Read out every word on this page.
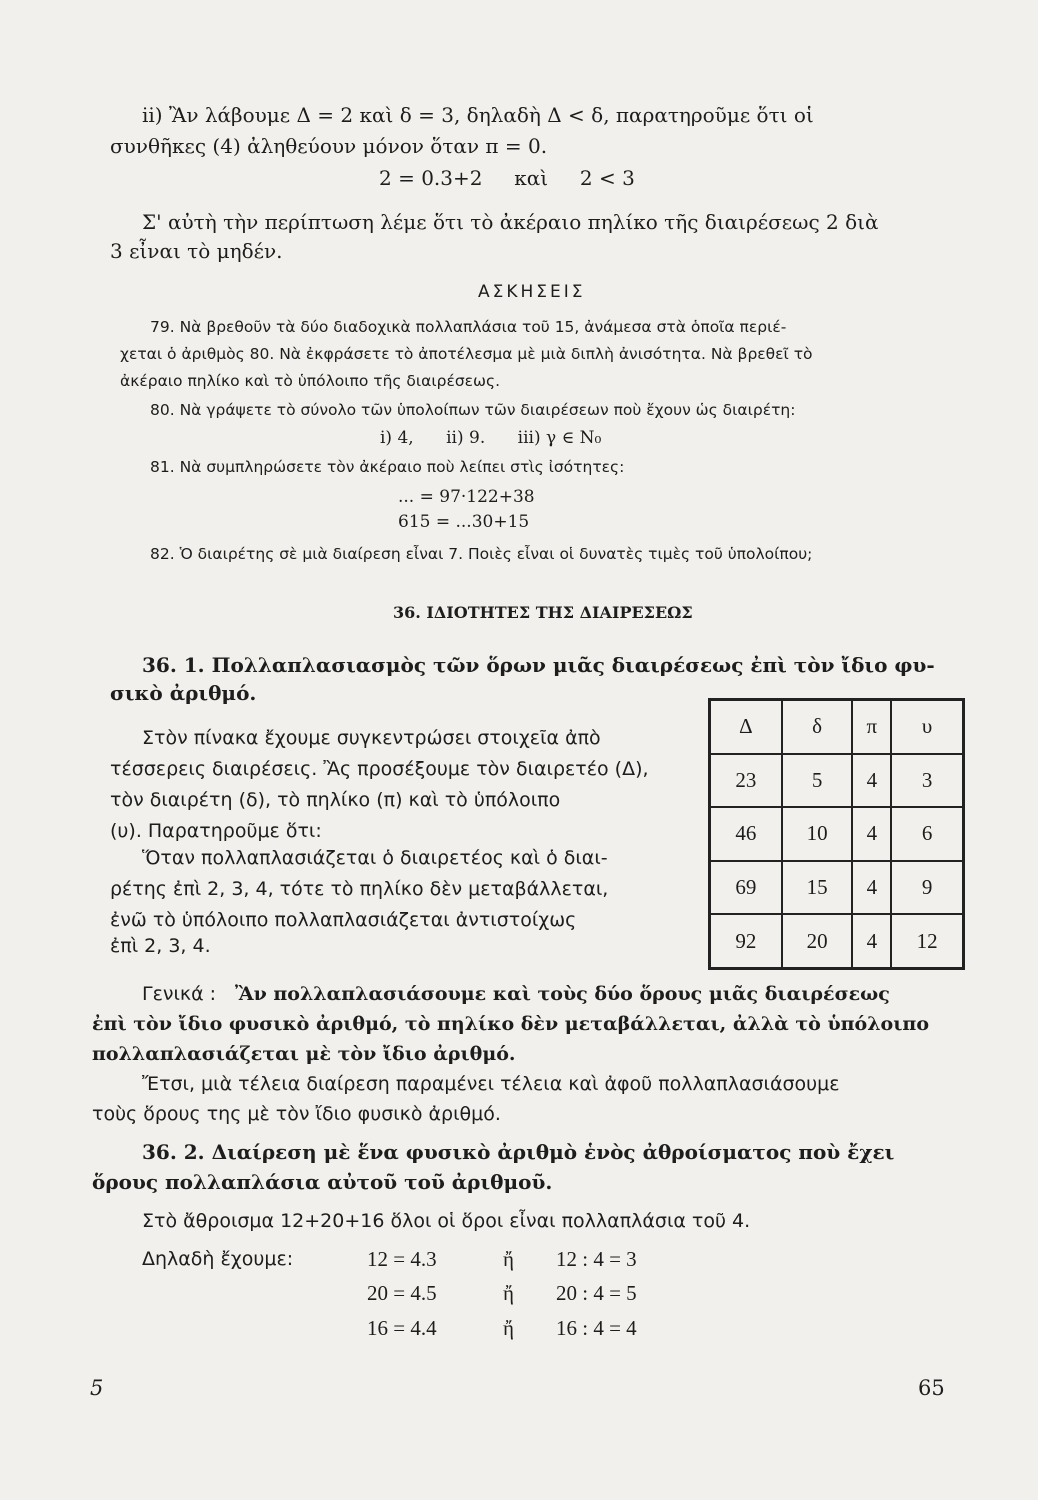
ii) Ἂν λάβουμε Δ = 2 καὶ δ = 3, δηλαδὴ Δ < δ, παρατηροῦμε ὅτι οἱ
συνθῆκες (4) ἀληθεύουν μόνον ὅταν π = 0.
2 = 0.3+2     καὶ     2 < 3
Σ' αὐτὴ τὴν περίπτωση λέμε ὅτι τὸ ἀκέραιο πηλίκο τῆς διαιρέσεως 2 διὰ
3 εἶναι τὸ μηδέν.
ΑΣΚΗΣΕΙΣ
79. Νὰ βρεθοῦν τὰ δύο διαδοχικὰ πολλαπλάσια τοῦ 15, ἀνάμεσα στὰ ὁποῖα περιέ-
χεται ὁ ἀριθμὸς 80. Νὰ ἐκφράσετε τὸ ἀποτέλεσμα μὲ μιὰ διπλὴ ἀνισότητα. Νὰ βρεθεῖ τὸ
ἀκέραιο πηλίκο καὶ τὸ ὑπόλοιπο τῆς διαιρέσεως.
80. Νὰ γράψετε τὸ σύνολο τῶν ὑπολοίπων τῶν διαιρέσεων ποὺ ἔχουν ὡς διαιρέτη:
i) 4,      ii) 9.      iii) γ ∈ N₀
81. Νὰ συμπληρώσετε τὸν ἀκέραιο ποὺ λείπει στὶς ἰσότητες:
... = 97·122+38
615 = ...30+15
82. Ὁ διαιρέτης σὲ μιὰ διαίρεση εἶναι 7. Ποιὲς εἶναι οἱ δυνατὲς τιμὲς τοῦ ὑπολοίπου;
36. ΙΔΙΟΤΗΤΕΣ ΤΗΣ ΔΙΑΙΡΕΣΕΩΣ
36. 1. Πολλαπλασιασμὸς τῶν ὅρων μιᾶς διαιρέσεως ἐπὶ τὸν ἴδιο φυ-
σικὸ ἀριθμό.
Στὸν πίνακα ἔχουμε συγκεντρώσει στοιχεῖα ἀπὸ
τέσσερεις διαιρέσεις. Ἂς προσέξουμε τὸν διαιρετέο (Δ),
τὸν διαιρέτη (δ), τὸ πηλίκο (π) καὶ τὸ ὑπόλοιπο
(υ). Παρατηροῦμε ὅτι:
Ὅταν πολλαπλασιάζεται ὁ διαιρετέος καὶ ὁ διαι-
ρέτης ἐπὶ 2, 3, 4, τότε τὸ πηλίκο δὲν μεταβάλλεται,
ἐνῶ τὸ ὑπόλοιπο πολλαπλασιάζεται ἀντιστοίχως
ἐπὶ 2, 3, 4.
Δ	δ	π	υ
23	5	4	3
46	10	4	6
69	15	4	9
92	20	4	12
Γενικά : Ἂν πολλαπλασιάσουμε καὶ τοὺς δύο ὅρους μιᾶς διαιρέσεως
ἐπὶ τὸν ἴδιο φυσικὸ ἀριθμό, τὸ πηλίκο δὲν μεταβάλλεται, ἀλλὰ τὸ ὑπόλοιπο
πολλαπλασιάζεται μὲ τὸν ἴδιο ἀριθμό.
Ἔτσι, μιὰ τέλεια διαίρεση παραμένει τέλεια καὶ ἀφοῦ πολλαπλασιάσουμε
τοὺς ὅρους της μὲ τὸν ἴδιο φυσικὸ ἀριθμό.
36. 2. Διαίρεση μὲ ἕνα φυσικὸ ἀριθμὸ ἑνὸς ἀθροίσματος ποὺ ἔχει
ὅρους πολλαπλάσια αὐτοῦ τοῦ ἀριθμοῦ.
Στὸ ἄθροισμα 12+20+16 ὅλοι οἱ ὅροι εἶναι πολλαπλάσια τοῦ 4.
Δηλαδὴ ἔχουμε:	12 = 4.3	ἤ 12 : 4 = 3
20 = 4.5	ἤ 20 : 4 = 5
16 = 4.4	ἤ 16 : 4 = 4
5	65
